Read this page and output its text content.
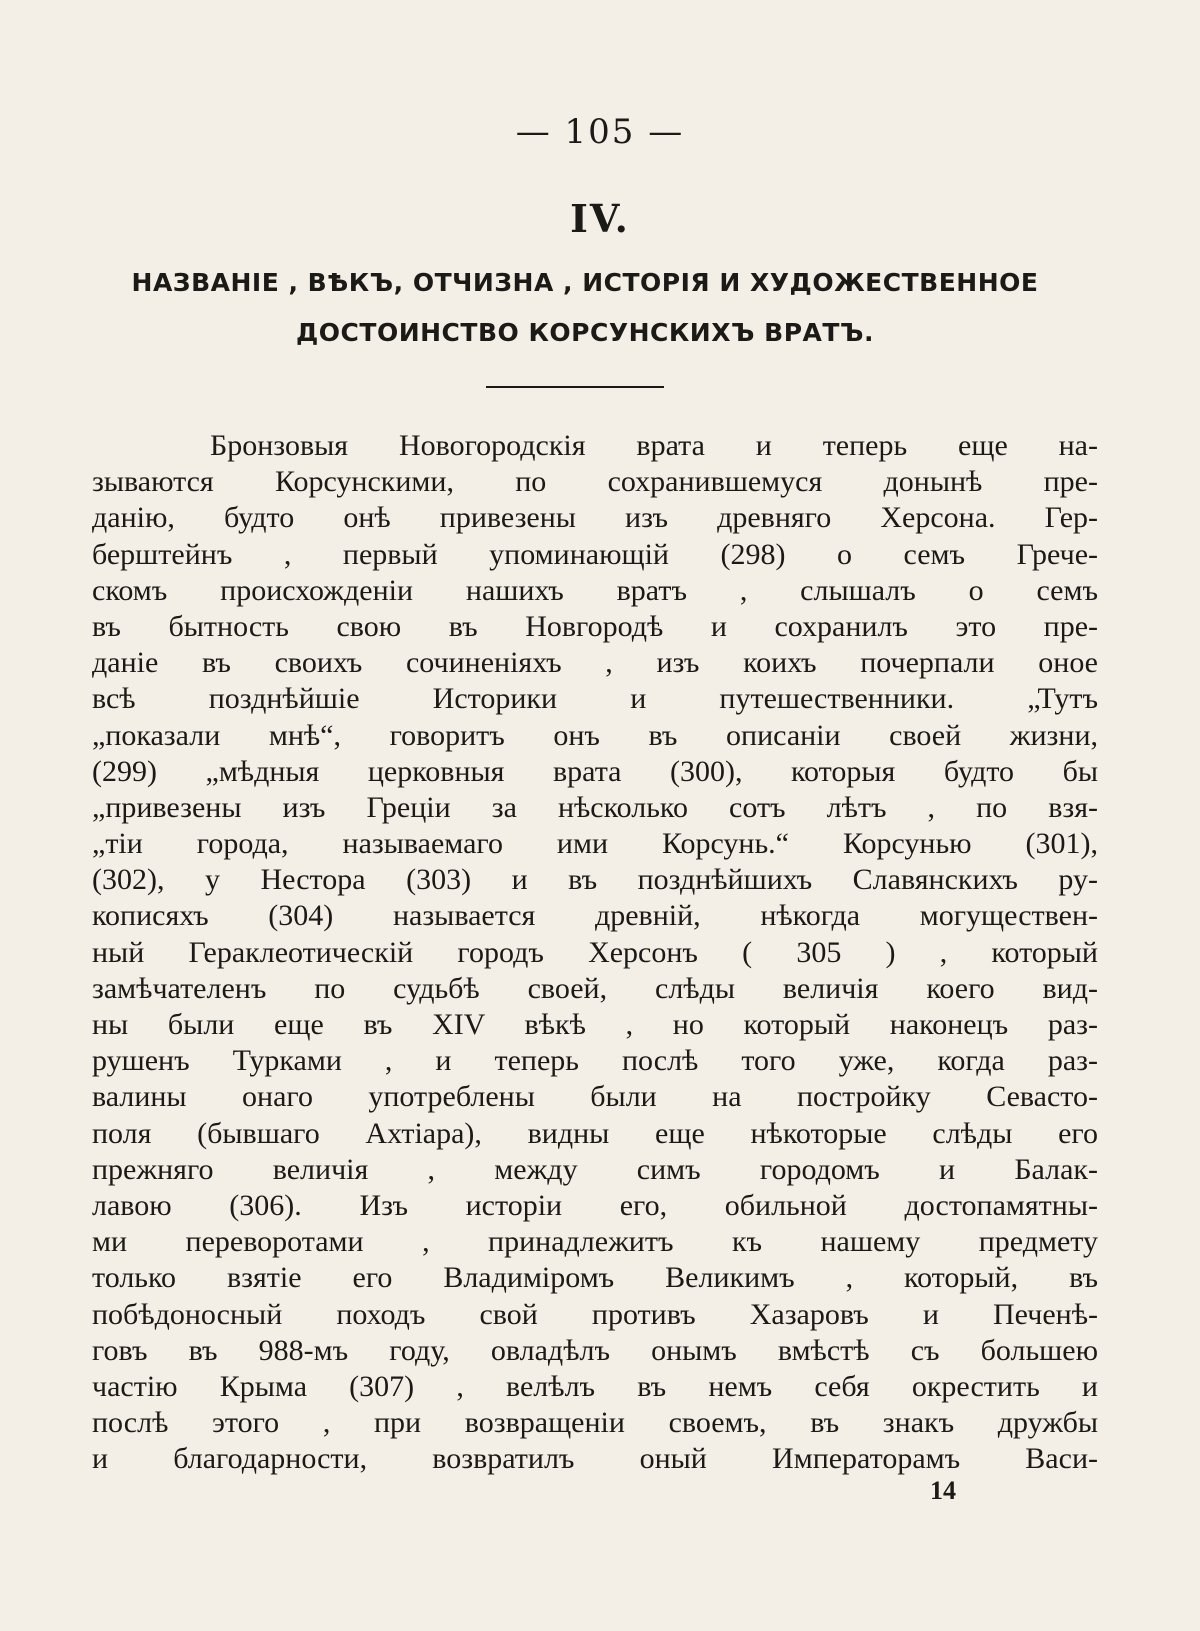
— 105 —
IV.
НАЗВАНIЕ , ВѢКЪ, ОТЧИЗНА , ИСТОРIЯ И ХУДОЖЕСТВЕННОЕ
ДОСТОИНСТВО КОРСУНСКИХЪ ВРАТЪ.
Бронзовыя Новогородскiя врата и теперь еще на-
зываются Корсунскими, по сохранившемуся донынѣ пре-
данiю, будто онѣ привезены изъ древняго Херсона. Гер-
берштейнъ , первый упоминающiй (298) о семъ Грече-
скомъ происхожденiи нашихъ вратъ , слышалъ о семъ
въ бытность свою въ Новгородѣ и сохранилъ это пре-
данiе въ своихъ сочиненiяхъ , изъ коихъ почерпали оное
всѣ позднѣйшiе Историки и путешественники. „Тутъ
„показали мнѣ“, говоритъ онъ въ описанiи своей жизни,
(299) „мѣдныя церковныя врата (300), которыя будто бы
„привезены изъ Грецiи за нѣсколько сотъ лѣтъ , по взя-
„тiи города, называемаго ими Корсунь.“ Корсунью (301),
(302), у Нестора (303) и въ позднѣйшихъ Славянскихъ ру-
кописяхъ (304) называется древнiй, нѣкогда могуществен-
ный Гераклеотическiй городъ Херсонъ ( 305 ) , который
замѣчателенъ по судьбѣ своей, слѣды величiя коего вид-
ны были еще въ XIV вѣкѣ , но который наконецъ раз-
рушенъ Турками , и теперь послѣ того уже, когда раз-
валины онаго употреблены были на постройку Севасто-
поля (бывшаго Ахтiара), видны еще нѣкоторые слѣды его
прежняго величiя , между симъ городомъ и Балак-
лавою (306). Изъ исторiи его, обильной достопамятны-
ми переворотами , принадлежитъ къ нашему предмету
только взятiе его Владимiромъ Великимъ , который, въ
побѣдоносный походъ свой противъ Хазаровъ и Печенѣ-
говъ въ 988-мъ году, овладѣлъ онымъ вмѣстѣ съ большею
частiю Крыма (307) , велѣлъ въ немъ себя окрестить и
послѣ этого , при возвращенiи своемъ, въ знакъ дружбы
и благодарности, возвратилъ оный Императорамъ Васи-
14
